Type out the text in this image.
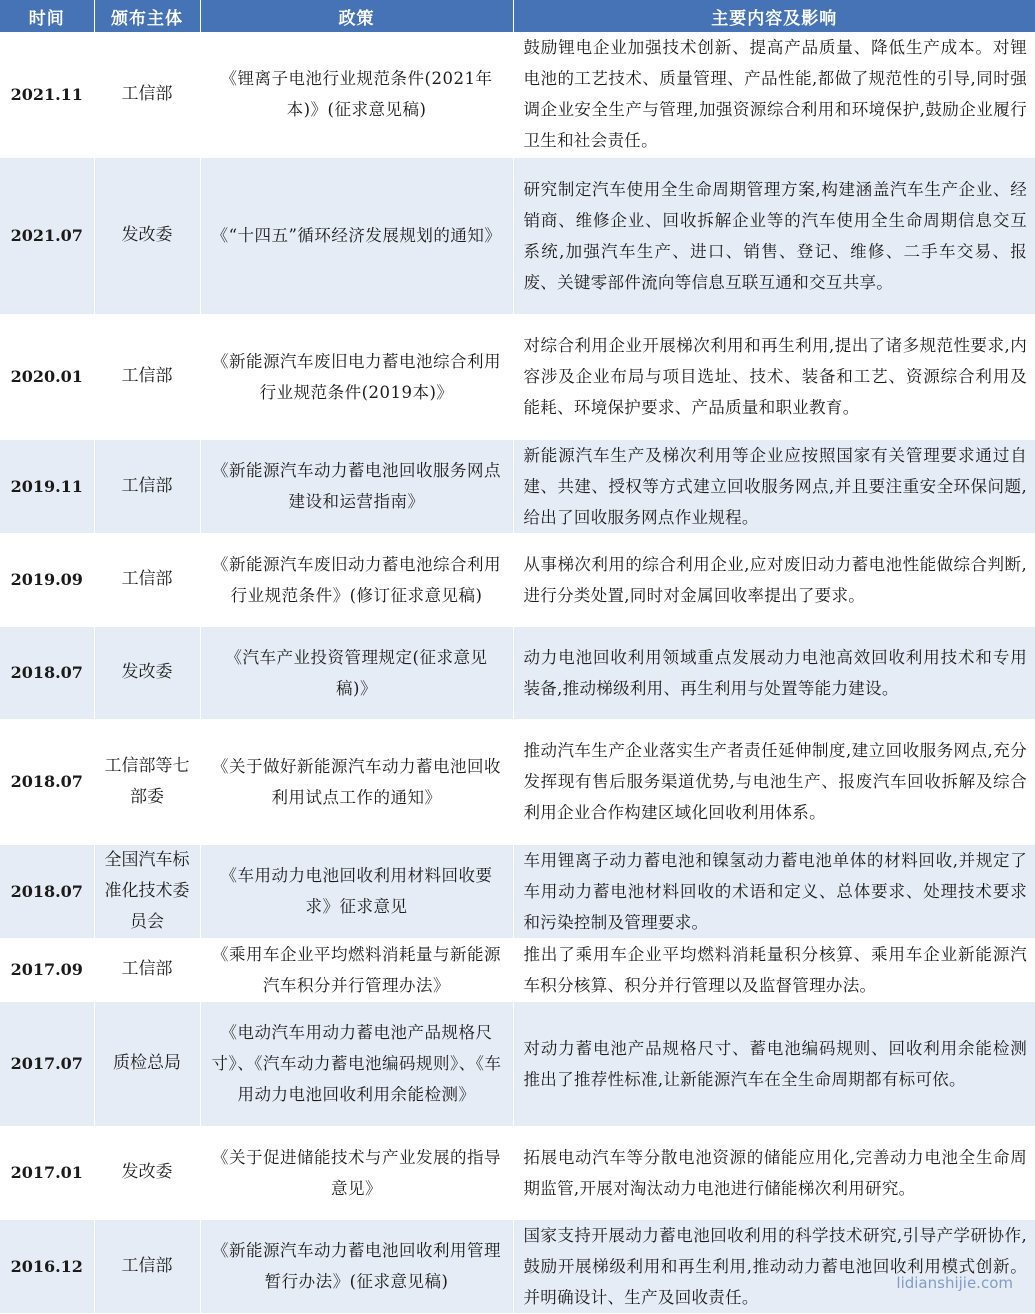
时间	颁布主体	政策	主要内容及影响
2021.11	工信部	《锂离子电池行业规范条件(2021年本)》(征求意见稿)	鼓励锂电企业加强技术创新、提高产品质量、降低生产成本。对锂电池的工艺技术、质量管理、产品性能,都做了规范性的引导,同时强调企业安全生产与管理,加强资源综合利用和环境保护,鼓励企业履行卫生和社会责任。
2021.07	发改委	《“十四五”循环经济发展规划的通知》	研究制定汽车使用全生命周期管理方案,构建涵盖汽车生产企业、经销商、维修企业、回收拆解企业等的汽车使用全生命周期信息交互系统,加强汽车生产、进口、销售、登记、维修、二手车交易、报废、关键零部件流向等信息互联互通和交互共享。
2020.01	工信部	《新能源汽车废旧电力蓄电池综合利用行业规范条件(2019本)》	对综合利用企业开展梯次利用和再生利用,提出了诸多规范性要求,内容涉及企业布局与项目选址、技术、装备和工艺、资源综合利用及能耗、环境保护要求、产品质量和职业教育。
2019.11	工信部	《新能源汽车动力蓄电池回收服务网点建设和运营指南》	新能源汽车生产及梯次利用等企业应按照国家有关管理要求通过自建、共建、授权等方式建立回收服务网点,并且要注重安全环保问题,给出了回收服务网点作业规程。
2019.09	工信部	《新能源汽车废旧动力蓄电池综合利用行业规范条件》(修订征求意见稿)	从事梯次利用的综合利用企业,应对废旧动力蓄电池性能做综合判断,进行分类处置,同时对金属回收率提出了要求。
2018.07	发改委	《汽车产业投资管理规定(征求意见稿)》	动力电池回收利用领域重点发展动力电池高效回收利用技术和专用装备,推动梯级利用、再生利用与处置等能力建设。
2018.07	工信部等七部委	《关于做好新能源汽车动力蓄电池回收利用试点工作的通知》	推动汽车生产企业落实生产者责任延伸制度,建立回收服务网点,充分发挥现有售后服务渠道优势,与电池生产、报废汽车回收拆解及综合利用企业合作构建区域化回收利用体系。
2018.07	全国汽车标准化技术委员会	《车用动力电池回收利用材料回收要求》征求意见	车用锂离子动力蓄电池和镍氢动力蓄电池单体的材料回收,并规定了车用动力蓄电池材料回收的术语和定义、总体要求、处理技术要求和污染控制及管理要求。
2017.09	工信部	《乘用车企业平均燃料消耗量与新能源汽车积分并行管理办法》	推出了乘用车企业平均燃料消耗量积分核算、乘用车企业新能源汽车积分核算、积分并行管理以及监督管理办法。
2017.07	质检总局	《电动汽车用动力蓄电池产品规格尺寸》、《汽车动力蓄电池编码规则》、《车用动力电池回收利用余能检测》	对动力蓄电池产品规格尺寸、蓄电池编码规则、回收利用余能检测推出了推荐性标准,让新能源汽车在全生命周期都有标可依。
2017.01	发改委	《关于促进储能技术与产业发展的指导意见》	拓展电动汽车等分散电池资源的储能应用化,完善动力电池全生命周期监管,开展对淘汰动力电池进行储能梯次利用研究。
2016.12	工信部	《新能源汽车动力蓄电池回收利用管理暂行办法》(征求意见稿)	国家支持开展动力蓄电池回收利用的科学技术研究,引导产学研协作,鼓励开展梯级利用和再生利用,推动动力蓄电池回收利用模式创新。并明确设计、生产及回收责任。
lidianshijie.com
